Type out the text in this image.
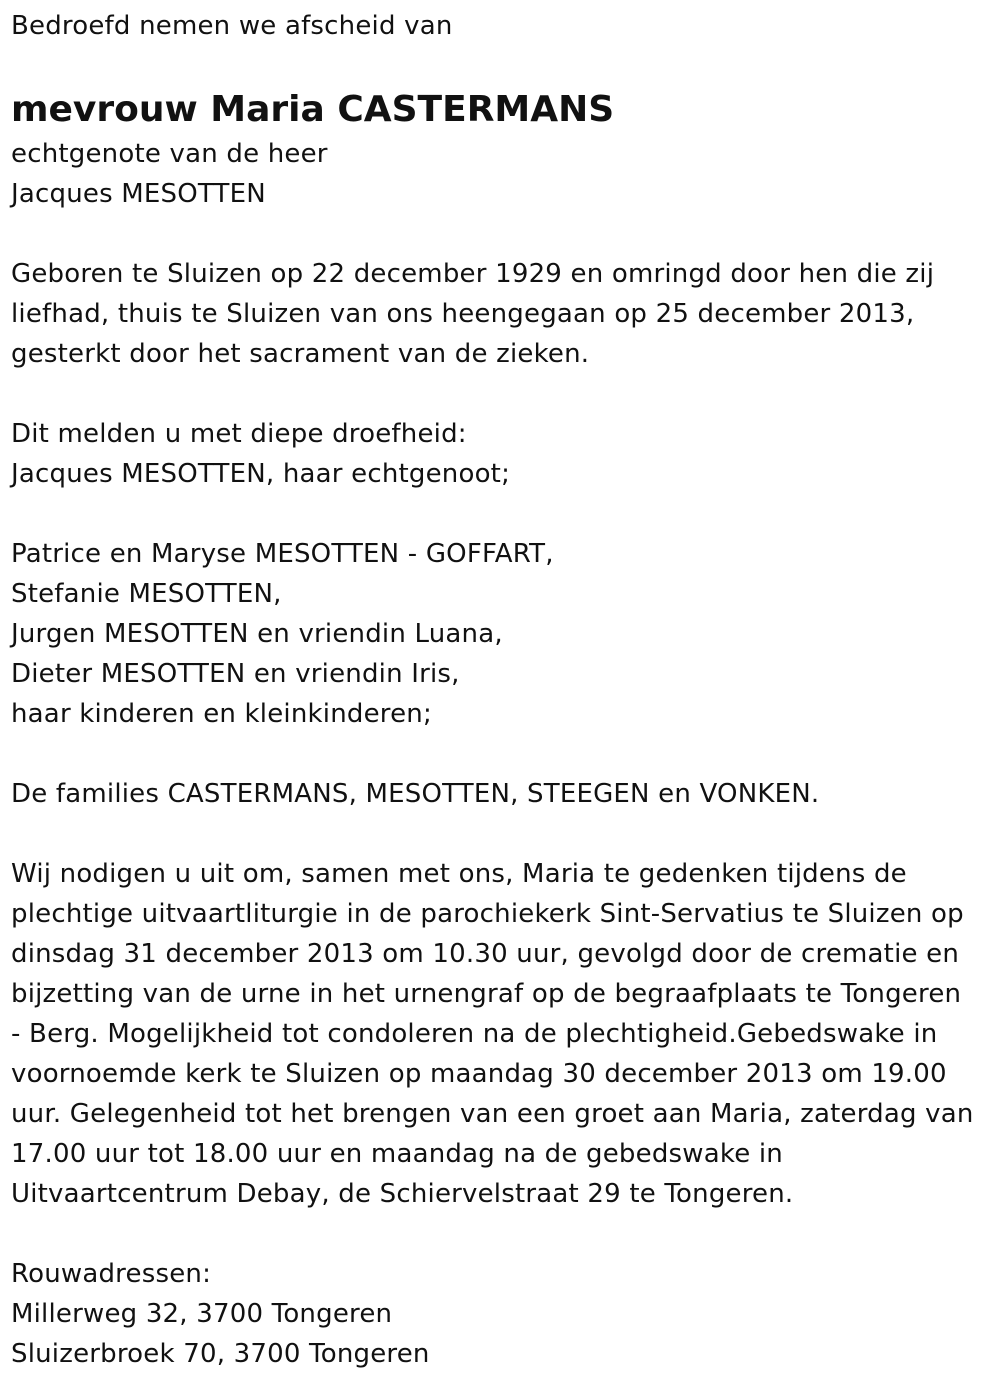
Bedroefd nemen we afscheid van
mevrouw Maria CASTERMANS
echtgenote van de heer
Jacques MESOTTEN
Geboren te Sluizen op 22 december 1929 en omringd door hen die zij
liefhad, thuis te Sluizen van ons heengegaan op 25 december 2013,
gesterkt door het sacrament van de zieken.
Dit melden u met diepe droefheid:
Jacques MESOTTEN, haar echtgenoot;
Patrice en Maryse MESOTTEN - GOFFART,
Stefanie MESOTTEN,
Jurgen MESOTTEN en vriendin Luana,
Dieter MESOTTEN en vriendin Iris,
haar kinderen en kleinkinderen;
De families CASTERMANS, MESOTTEN, STEEGEN en VONKEN.
Wij nodigen u uit om, samen met ons, Maria te gedenken tijdens de
plechtige uitvaartliturgie in de parochiekerk Sint-Servatius te Sluizen op
dinsdag 31 december 2013 om 10.30 uur, gevolgd door de crematie en
bijzetting van de urne in het urnengraf op de begraafplaats te Tongeren
- Berg. Mogelijkheid tot condoleren na de plechtigheid.Gebedswake in
voornoemde kerk te Sluizen op maandag 30 december 2013 om 19.00
uur. Gelegenheid tot het brengen van een groet aan Maria, zaterdag van
17.00 uur tot 18.00 uur en maandag na de gebedswake in
Uitvaartcentrum Debay, de Schiervelstraat 29 te Tongeren.
Rouwadressen:
Millerweg 32, 3700 Tongeren
Sluizerbroek 70, 3700 Tongeren
